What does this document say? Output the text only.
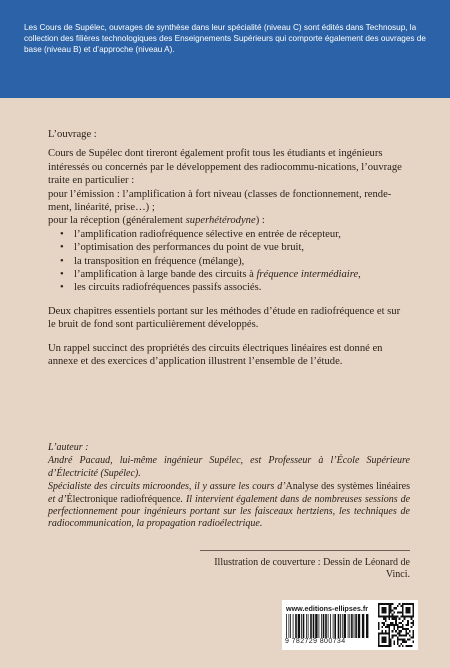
Les Cours de Supélec, ouvrages de synthèse dans leur spécialité (niveau C) sont édités dans Technosup, la collection des filières technologiques des Enseignements Supérieurs qui comporte également des ouvrages de base (niveau B) et d’approche (niveau A).

L’ouvrage :

Cours de Supélec dont tireront également profit tous les étudiants et ingénieurs intéressés ou concernés par le développement des radiocommu-nications, l’ouvrage traite en particulier :

pour l’émission : l’amplification à fort niveau (classes de fonctionnement, rende-ment, linéarité, prise…) ;

pour la réception (généralement superhétérodyne) :

• l’amplification radiofréquence sélective en entrée de récepteur,
• l’optimisation des performances du point de vue bruit,
• la transposition en fréquence (mélange),
• l’amplification à large bande des circuits à fréquence intermédiaire,
• les circuits radiofréquences passifs associés.

Deux chapitres essentiels portant sur les méthodes d’étude en radiofréquence et sur le bruit de fond sont particulièrement développés.

Un rappel succinct des propriétés des circuits électriques linéaires est donné en annexe et des exercices d’application illustrent l’ensemble de l’étude.

L’auteur :

André Pacaud, lui-même ingénieur Supélec, est Professeur à l’École Supérieure d’Électricité (Supélec).

Spécialiste des circuits microondes, il y assure les cours d’Analyse des systèmes linéaires et d’Électronique radiofréquence. Il intervient également dans de nombreuses sessions de perfectionnement pour ingénieurs portant sur les faisceaux hertziens, les techniques de radiocommunication, la propagation radioélectrique.

Illustration de couverture : Dessin de Léonard de Vinci.

www.editions-ellipses.fr
9 782729 800734
